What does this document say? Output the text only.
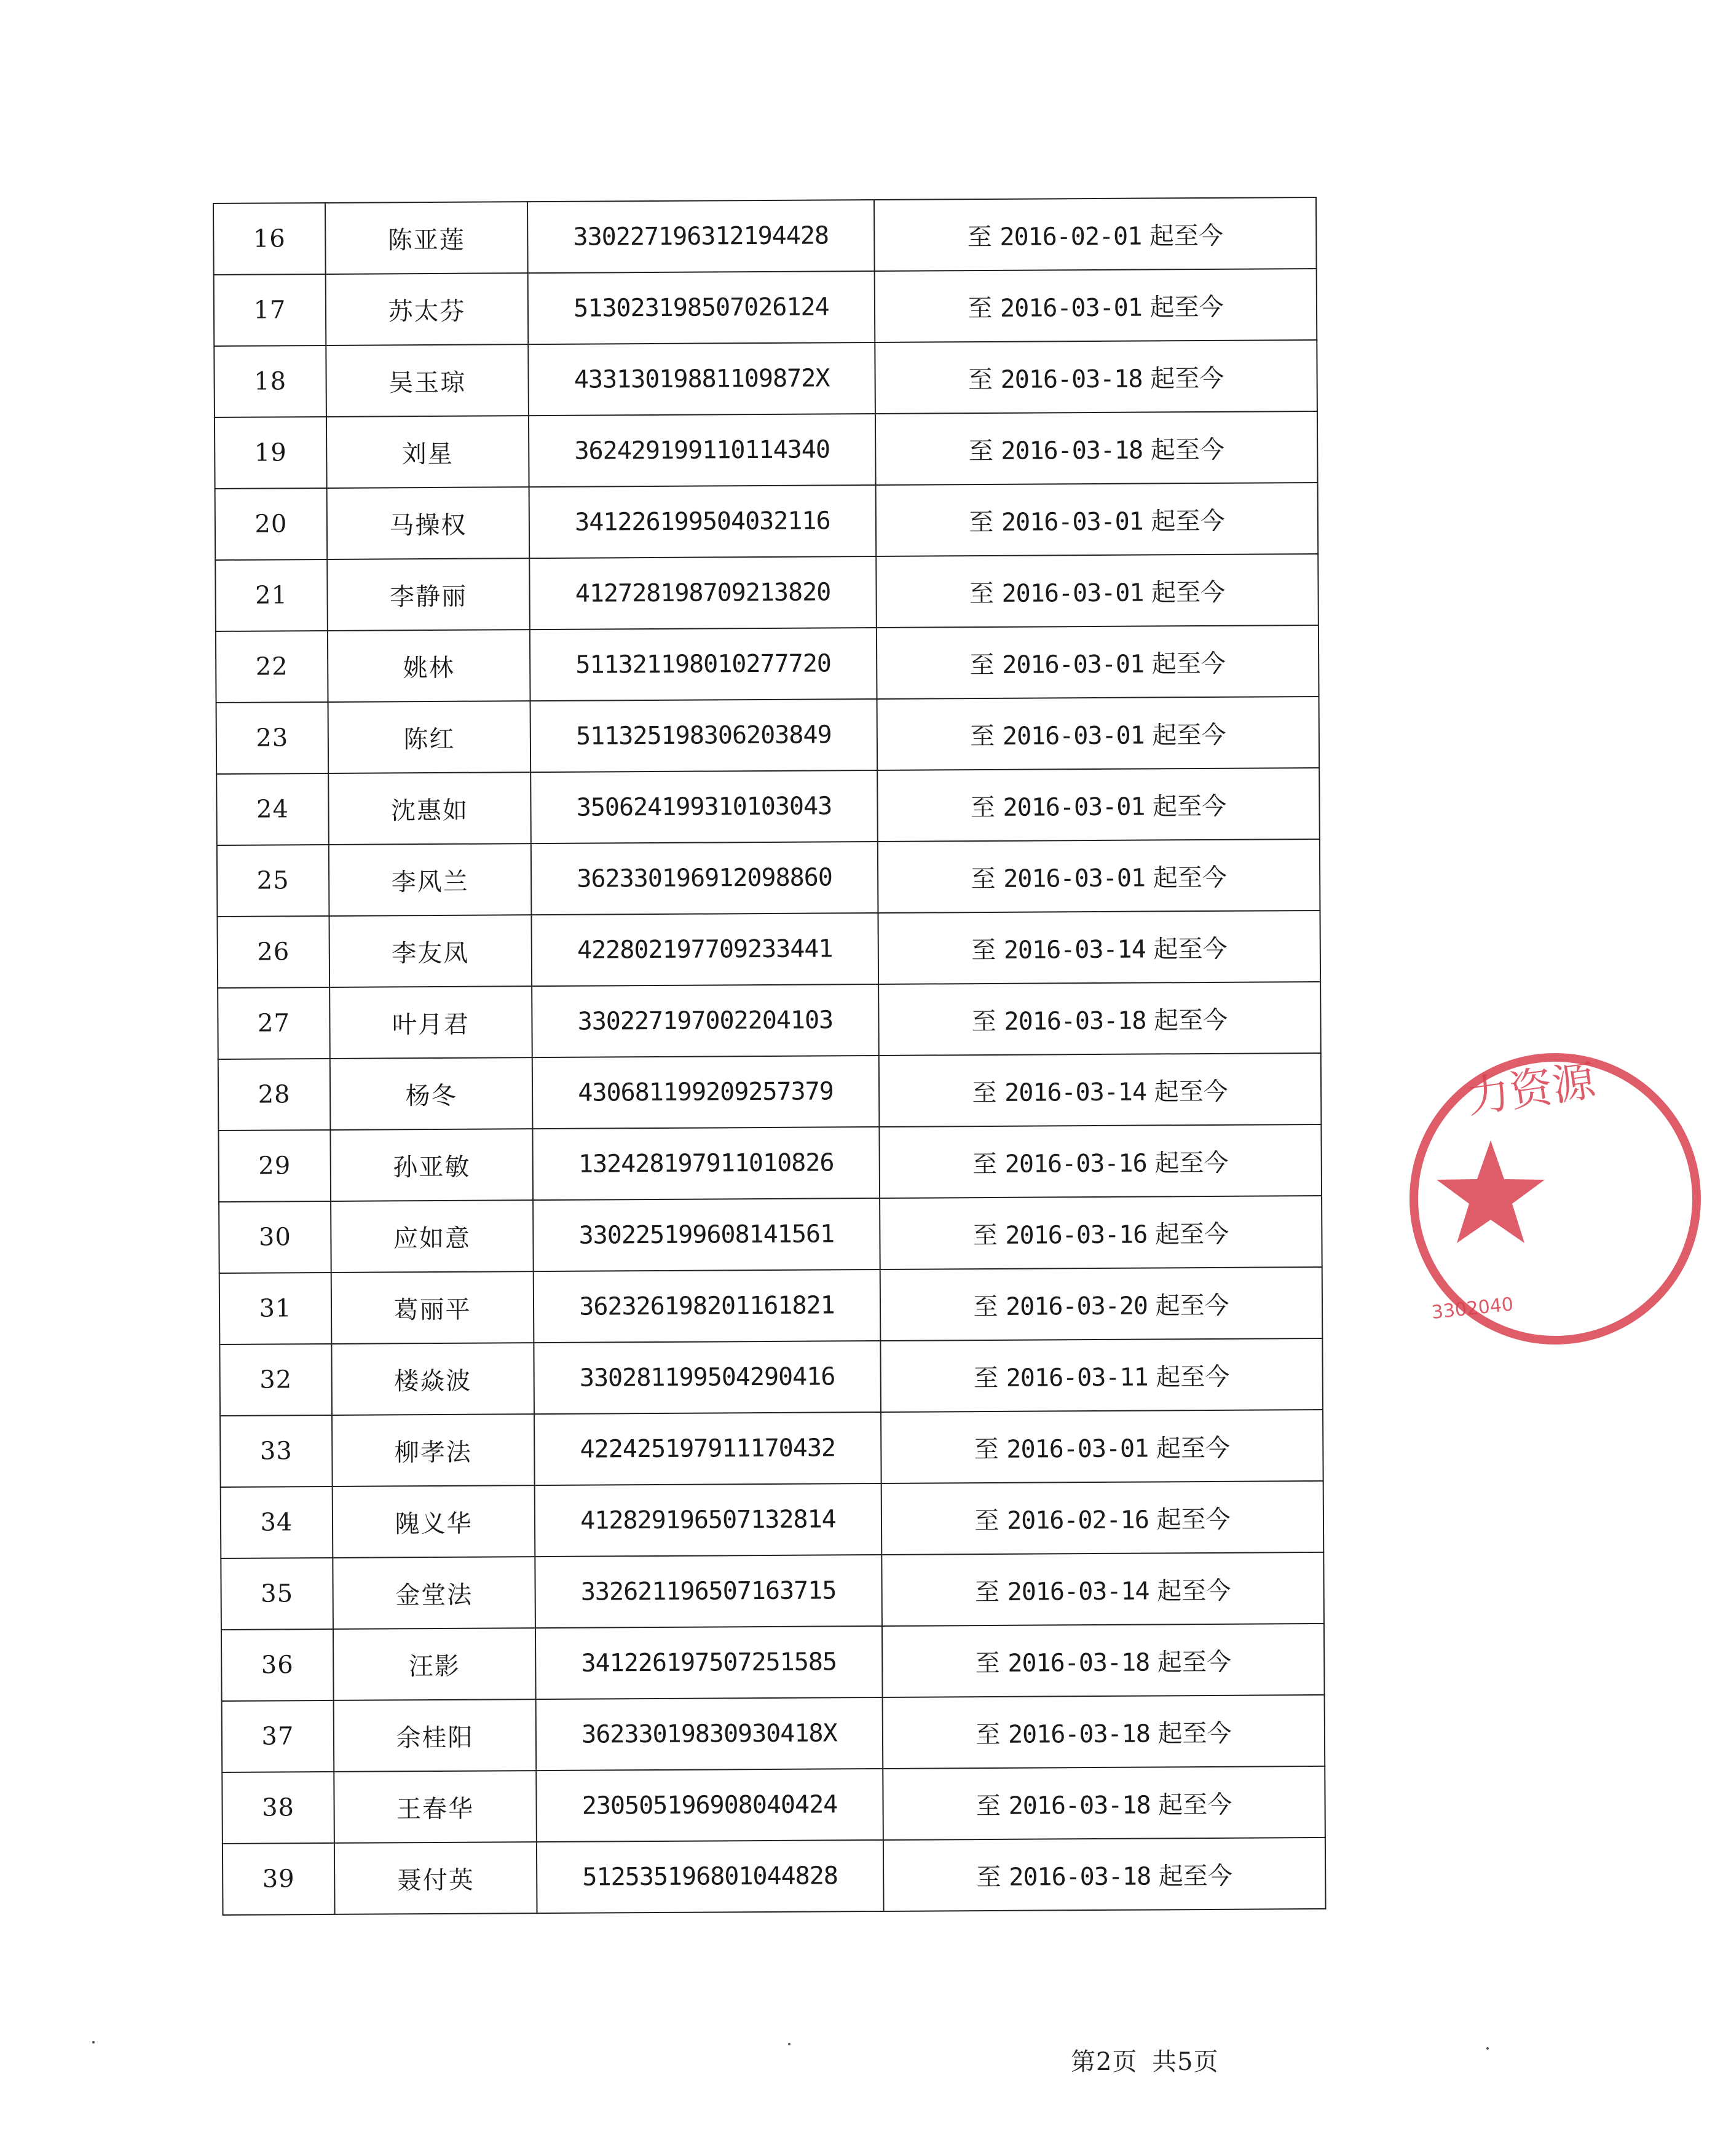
16	陈亚莲	330227196312194428	至 2016-02-01 起至今
17	苏太芬	513023198507026124	至 2016-03-01 起至今
18	吴玉琼	43313019881109872X	至 2016-03-18 起至今
19	刘星	362429199110114340	至 2016-03-18 起至今
20	马操权	341226199504032116	至 2016-03-01 起至今
21	李静丽	412728198709213820	至 2016-03-01 起至今
22	姚林	511321198010277720	至 2016-03-01 起至今
23	陈红	511325198306203849	至 2016-03-01 起至今
24	沈惠如	350624199310103043	至 2016-03-01 起至今
25	李风兰	362330196912098860	至 2016-03-01 起至今
26	李友凤	422802197709233441	至 2016-03-14 起至今
27	叶月君	330227197002204103	至 2016-03-18 起至今
28	杨冬	430681199209257379	至 2016-03-14 起至今
29	孙亚敏	132428197911010826	至 2016-03-16 起至今
30	应如意	330225199608141561	至 2016-03-16 起至今
31	葛丽平	362326198201161821	至 2016-03-20 起至今
32	楼焱波	330281199504290416	至 2016-03-11 起至今
33	柳孝法	422425197911170432	至 2016-03-01 起至今
34	隗义华	412829196507132814	至 2016-02-16 起至今
35	金堂法	332621196507163715	至 2016-03-14 起至今
36	汪影	341226197507251585	至 2016-03-18 起至今
37	余桂阳	36233019830930418X	至 2016-03-18 起至今
38	王春华	230505196908040424	至 2016-03-18 起至今
39	聂付英	512535196801044828	至 2016-03-18 起至今
第2页 共5页
力资源
3302040
